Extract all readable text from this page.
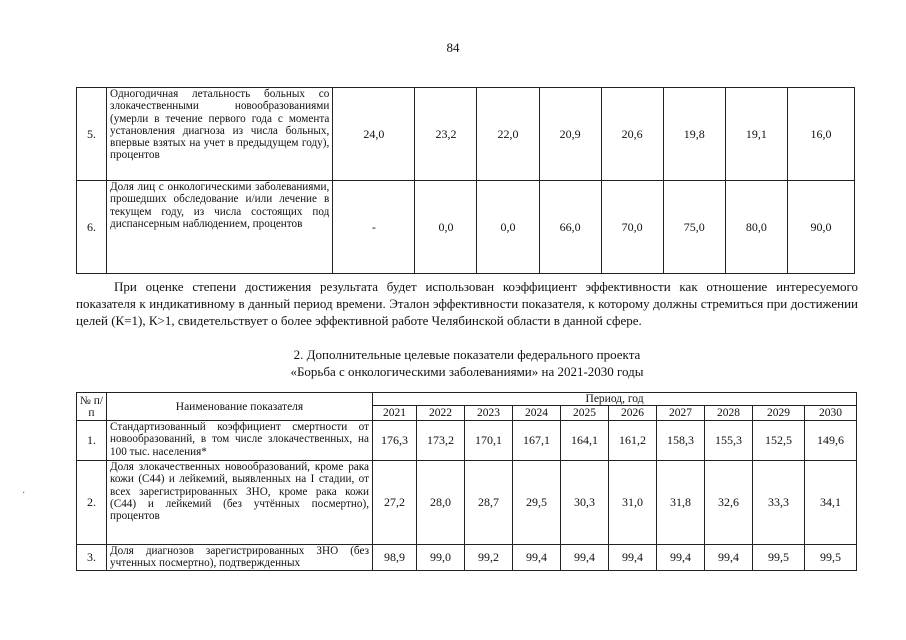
84
5.	Одногодичная летальность больных со злокачественными новообразованиями (умерли в течение первого года с момента установления диагноза из числа больных, впервые взятых на учет в предыдущем году), процентов	24,0	23,2	22,0	20,9	20,6	19,8	19,1	16,0
6.	Доля лиц с онкологическими заболеваниями, прошедших обследование и/или лечение в текущем году, из числа состоящих под диспансерным наблюдением, процентов	-	0,0	0,0	66,0	70,0	75,0	80,0	90,0
При оценке степени достижения результата будет использован коэффициент эффективности как отношение интересуемого показателя к индикативному в данный период времени. Эталон эффективности показателя, к которому должны стремиться при достижении целей (К=1), К>1, свидетельствует о более эффективной работе Челябинской области в данной сфере.
2. Дополнительные целевые показатели федерального проекта
«Борьба с онкологическими заболеваниями» на 2021-2030 годы
·
№ п/п	Наименование показателя	Период, год									
		2021	2022	2023	2024	2025	2026	2027	2028	2029	2030
1.	Стандартизованный коэффициент смертности от новообразований, в том числе злокачественных, на 100 тыс. населения*	176,3	173,2	170,1	167,1	164,1	161,2	158,3	155,3	152,5	149,6
2.	Доля злокачественных новообразований, кроме рака кожи (С44) и лейкемий, выявленных на I стадии, от всех зарегистрированных ЗНО, кроме рака кожи (С44) и лейкемий (без учтённых посмертно), процентов	27,2	28,0	28,7	29,5	30,3	31,0	31,8	32,6	33,3	34,1
3.	Доля диагнозов зарегистрированных ЗНО (без учтенных посмертно), подтвержденных	98,9	99,0	99,2	99,4	99,4	99,4	99,4	99,4	99,5	99,5
